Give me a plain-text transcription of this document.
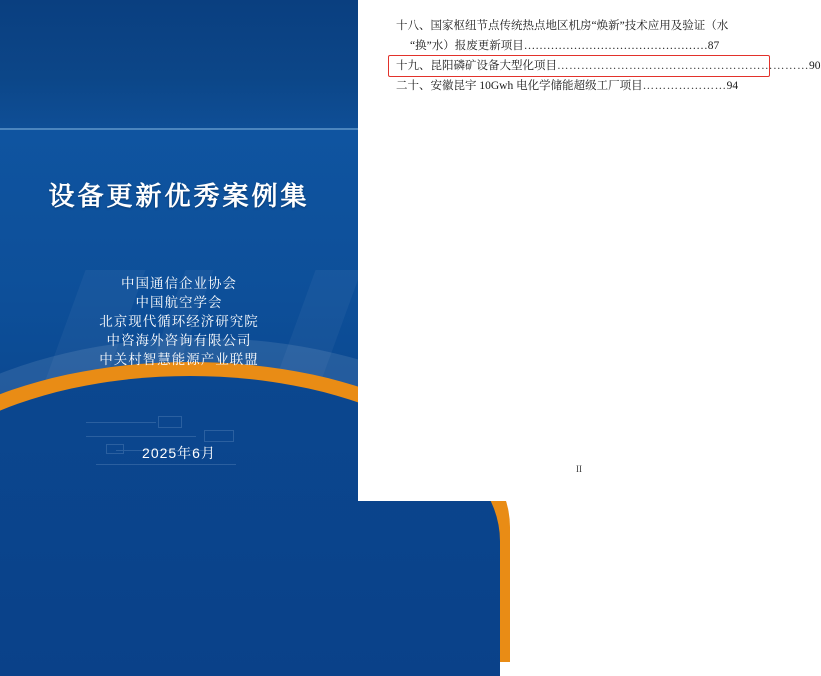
设备更新优秀案例集
中国通信企业协会
中国航空学会
北京现代循环经济研究院
中咨海外咨询有限公司
中关村智慧能源产业联盟
2025年6月
十八、国家枢纽节点传统热点地区机房“焕新”技术应用及验证（水
“换”水）报废更新项目…………………………………………87
十九、昆阳磷矿设备大型化项目………………………………………………………90
二十、安徽昆宇 10Gwh 电化学储能超级工厂项目…………………94
II
